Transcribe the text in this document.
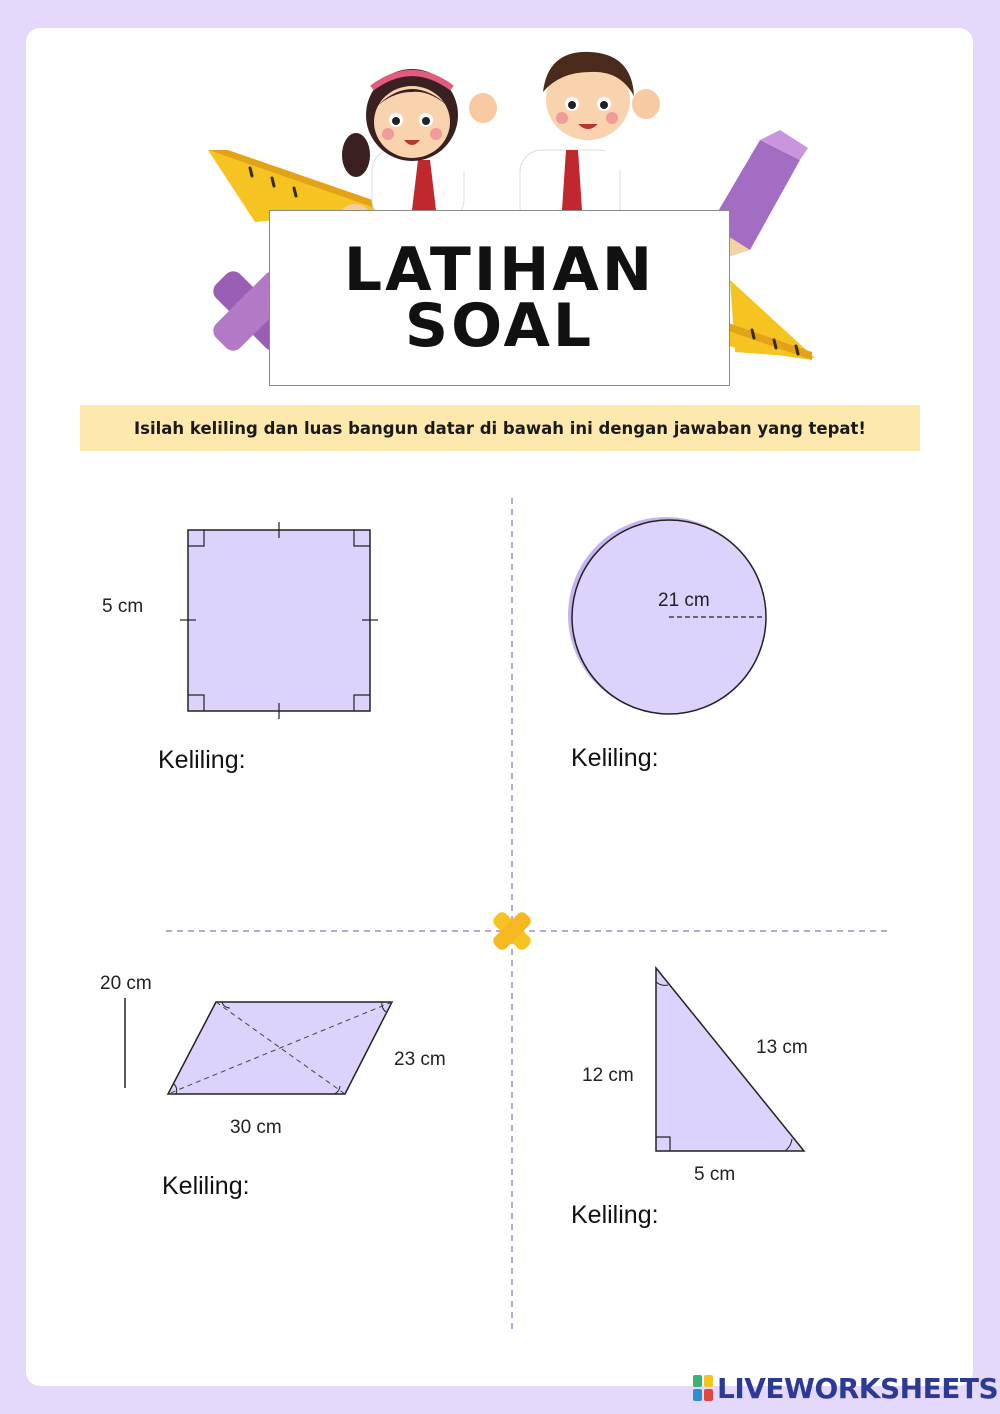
LATIHAN
SOAL
Isilah keliling dan luas bangun datar di bawah ini dengan jawaban yang tepat!
5 cm
Keliling:
21 cm
Keliling:
20 cm
23 cm
30 cm
Keliling:
12 cm
13 cm
5 cm
Keliling:
LIVEWORKSHEETS
